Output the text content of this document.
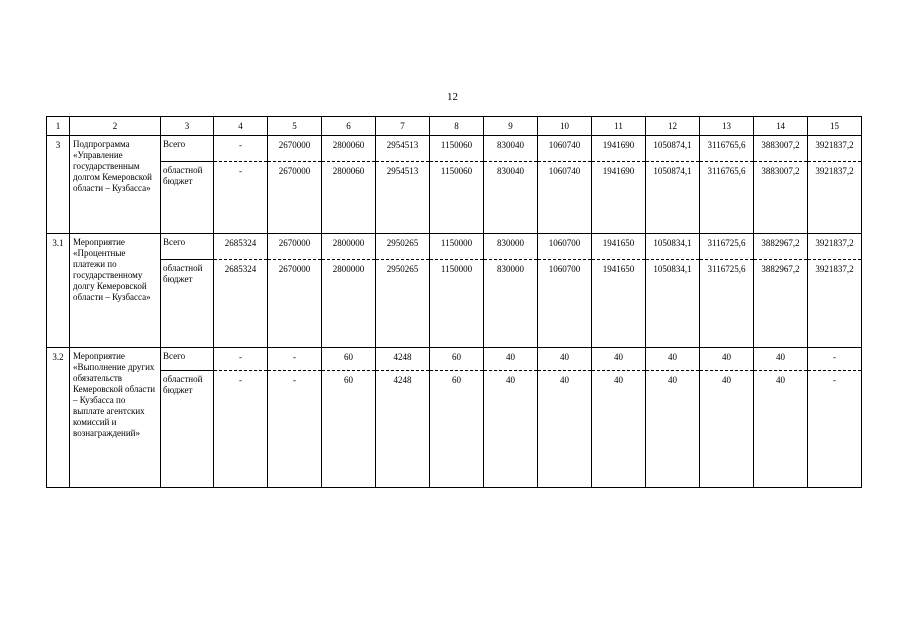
12
1	2	3	4	5	6	7	8	9	10	11	12	13	14	15
3	Подпрограмма «Управление государственным долгом Кемеровской области – Кузбасса»	Всего	-	2670000	2800060	2954513	1150060	830040	1060740	1941690	1050874,1	3116765,6	3883007,2	3921837,2
		областной бюджет	-	2670000	2800060	2954513	1150060	830040	1060740	1941690	1050874,1	3116765,6	3883007,2	3921837,2
3.1	Мероприятие «Процентные платежи по государственному долгу Кемеровской области – Кузбасса»	Всего	2685324	2670000	2800000	2950265	1150000	830000	1060700	1941650	1050834,1	3116725,6	3882967,2	3921837,2
		областной бюджет	2685324	2670000	2800000	2950265	1150000	830000	1060700	1941650	1050834,1	3116725,6	3882967,2	3921837,2
3.2	Мероприятие «Выполнение других обязательств Кемеровской области – Кузбасса по выплате агентских комиссий и вознаграждений»	Всего	-	-	60	4248	60	40	40	40	40	40	40	-
		областной бюджет	-	-	60	4248	60	40	40	40	40	40	40	-
